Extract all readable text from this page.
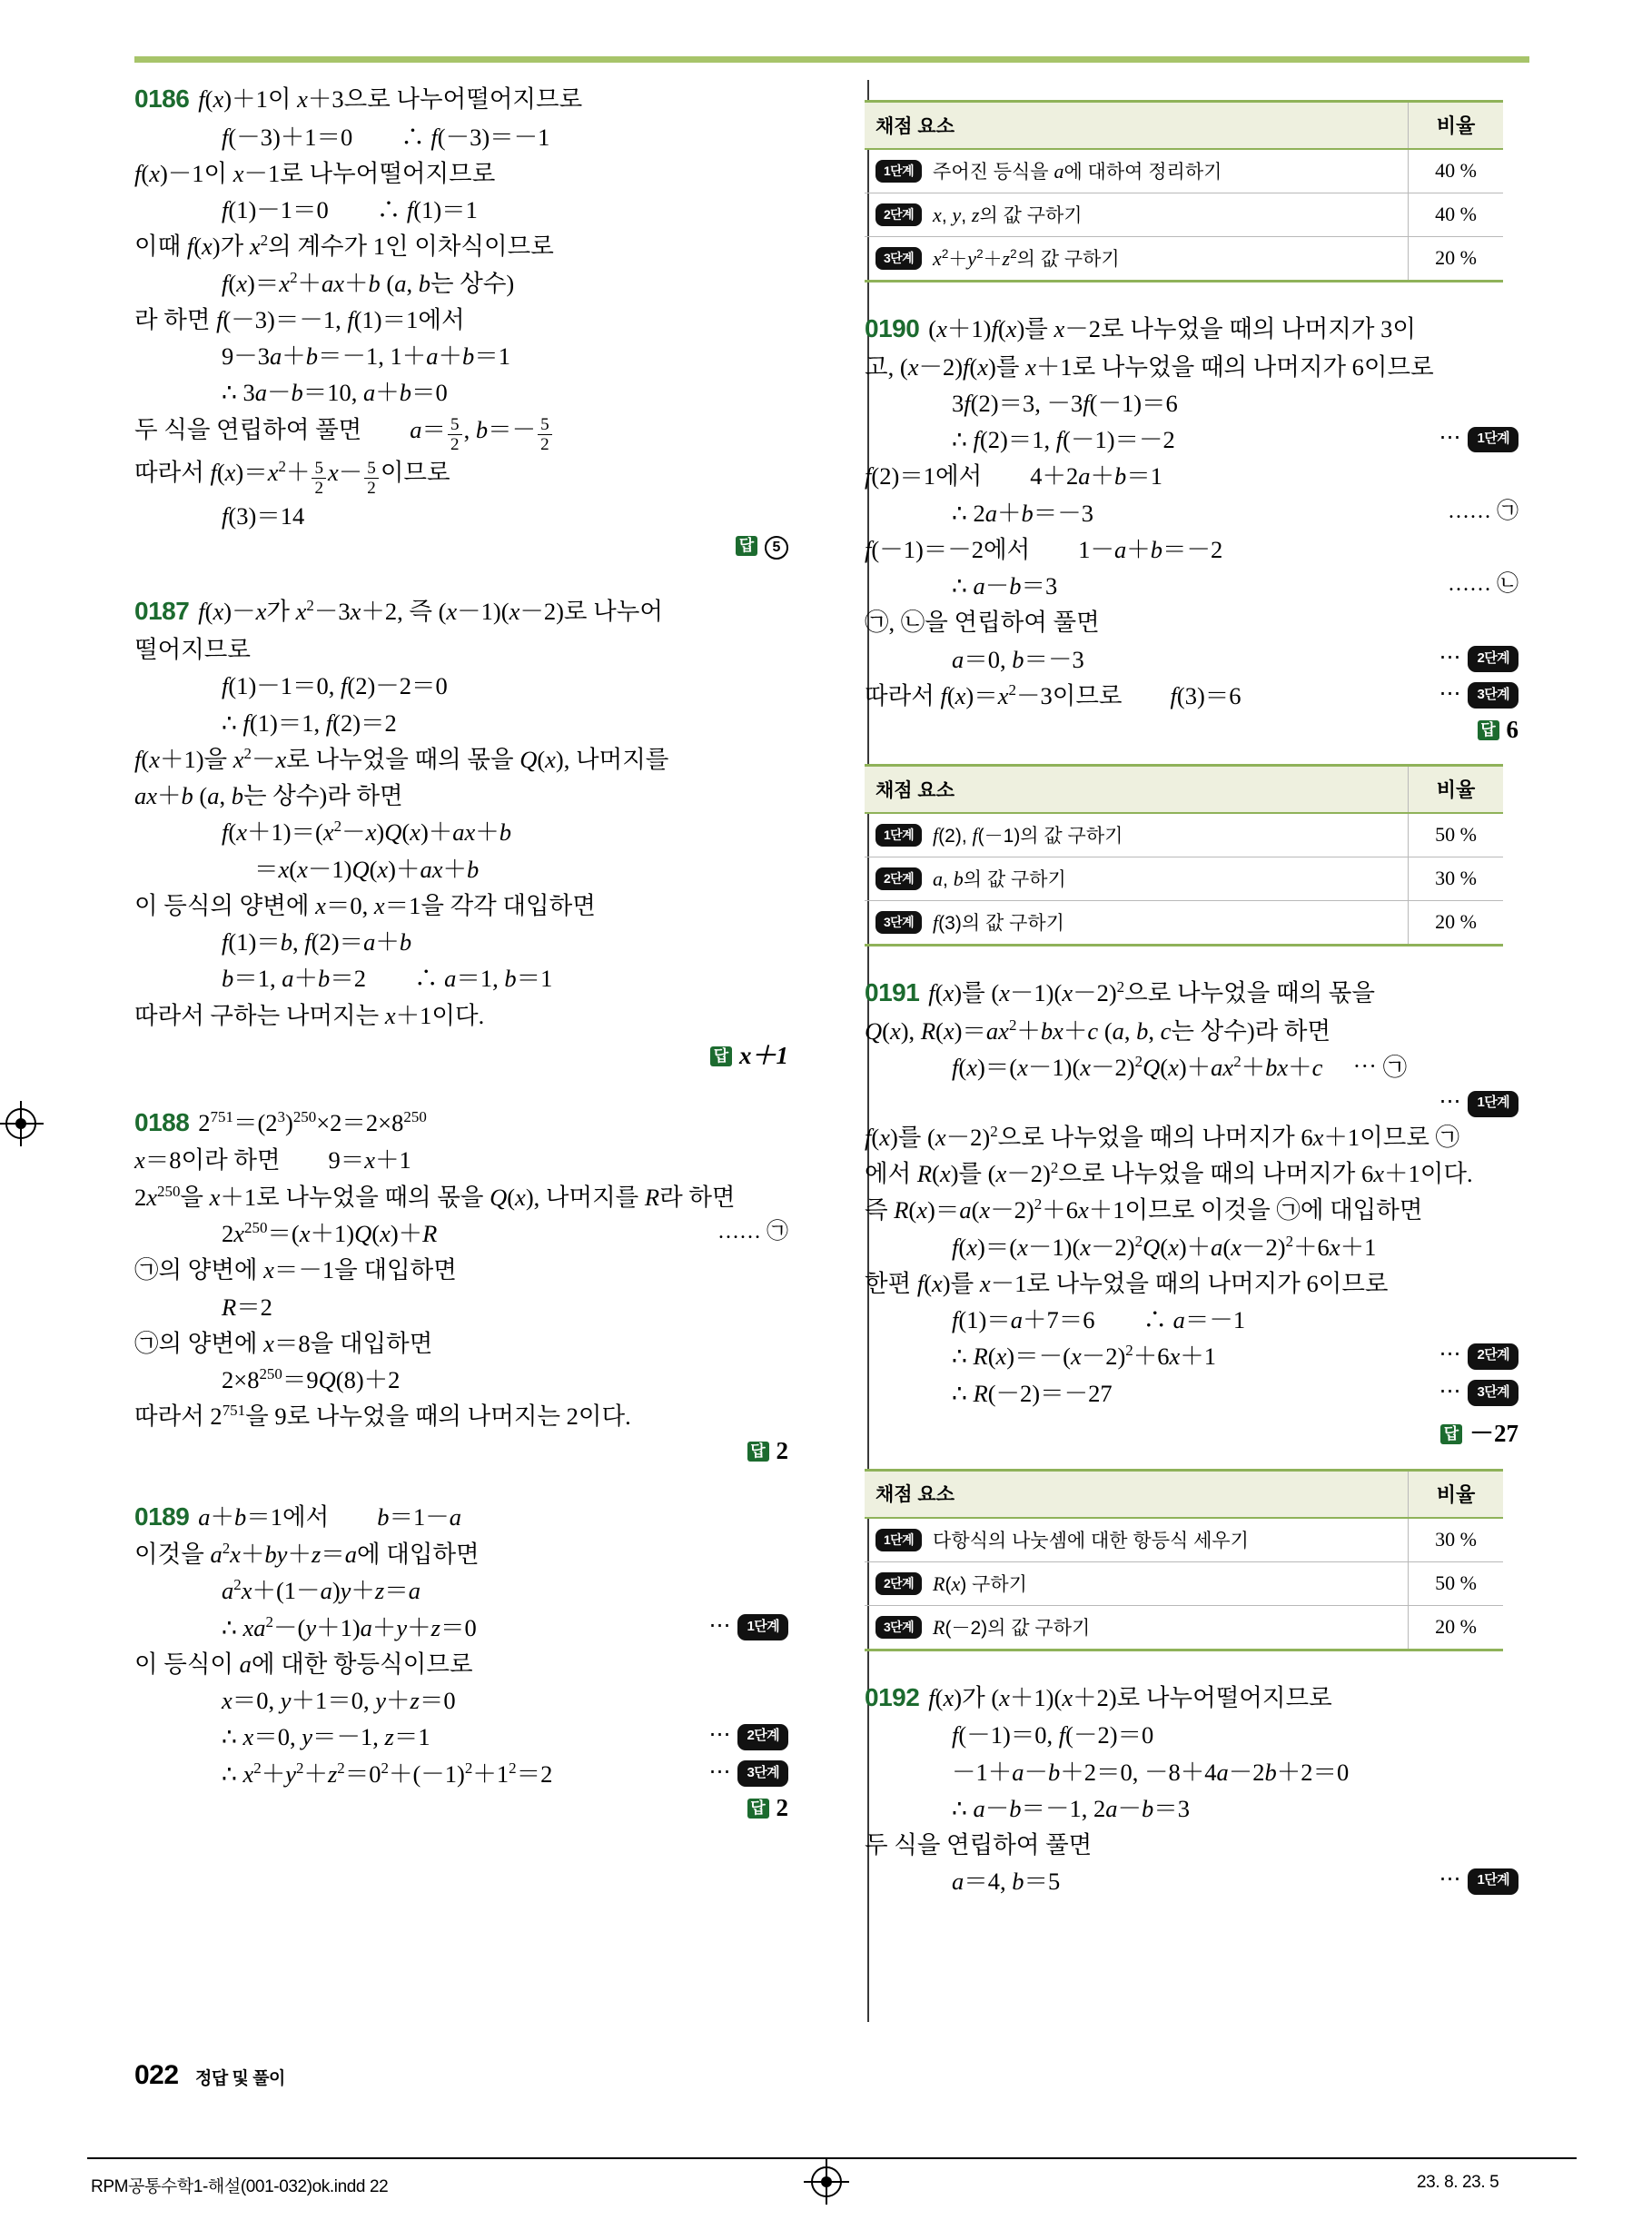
0186 f(x)＋1이 x＋3으로 나누어떨어지므로
f(－3)＋1＝0　　∴ f(－3)＝－1
f(x)－1이 x－1로 나누어떨어지므로
f(1)－1＝0　　∴ f(1)＝1
이때 f(x)가 $x^2$의 계수가 1인 이차식이므로
$f(x)=x^2+ax+b$ (a, b는 상수)
라 하면 f(－3)＝－1, f(1)＝1에서
9－3a＋b＝－1, 1＋a＋b＝1
∴ 3a－b＝10, a＋b＝0
두 식을 연립하여 풀면　　$a= \frac{5}{2}$ , $b=- \frac{5}{2}$
따라서 $f(x)=x^2+ \frac{5}{2} x- \frac{5}{2}$ 이므로
f(3)＝14
답 5
0187 f(x)－x가 $x^2-3x+2$, 즉 (x－1)(x－2)로 나누어
떨어지므로
f(1)－1＝0, f(2)－2＝0
∴ f(1)＝1, f(2)＝2
f(x＋1)을 $x^2-x$로 나누었을 때의 몫을 Q(x), 나머지를
ax＋b (a, b는 상수)라 하면
$f(x+1)=(x^2-x)Q(x)+ax+b$
＝x(x－1)Q(x)＋ax＋b
이 등식의 양변에 x＝0, x＝1을 각각 대입하면
f(1)＝b, f(2)＝a＋b
b＝1, a＋b＝2　　∴ a＝1, b＝1
따라서 구하는 나머지는 x＋1이다.
답 x＋1
0188 $2^{751}=(2^3)^{250}\times 2=2\times 8^{250}$
x＝8이라 하면　　9＝x＋1
$2x^{250}$을 x＋1로 나누었을 때의 몫을 Q(x), 나머지를 R라 하면
…… ㉠
$2x^{250}=(x+1)Q(x)+R$
㉠의 양변에 x＝－1을 대입하면
R＝2
㉠의 양변에 x＝8을 대입하면
$2\times 8^{250}=9Q(8)+2$
따라서 $2^{751}$을 9로 나누었을 때의 나머지는 2이다.
답 2
0189 a＋b＝1에서　　b＝1－a
이것을 $a^2x+by+z=a$에 대입하면
$a^2x+(1-a)y+z=a$
⋯ 1단계
∴ $xa^2-(y+1)a+y+z=0$
이 등식이 a에 대한 항등식이므로
x＝0, y＋1＝0, y＋z＝0
⋯ 2단계
∴ x＝0, y＝－1, z＝1
⋯ 3단계
∴ $x^2+y^2+z^2=0^2+(-1)^2+1^2=2$
답 2
채점 요소	비율
1단계 주어진 등식을 a에 대하여 정리하기	40 %
2단계 x, y, z의 값 구하기	40 %
3단계 $x^2+y^2+z^2$의 값 구하기	20 %
0190 (x＋1)f(x)를 x－2로 나누었을 때의 나머지가 3이
고, (x－2)f(x)를 x＋1로 나누었을 때의 나머지가 6이므로
3f(2)＝3, －3f(－1)＝6
⋯ 1단계
∴ f(2)＝1, f(－1)＝－2
f(2)＝1에서　　4＋2a＋b＝1
…… ㉠
∴ 2a＋b＝－3
f(－1)＝－2에서　　1－a＋b＝－2
…… ㉡
∴ a－b＝3
㉠, ㉡을 연립하여 풀면
⋯ 2단계
a＝0, b＝－3
⋯ 3단계
따라서 $f(x)=x^2-3$이므로　　f(3)＝6
답 6
채점 요소	비율
1단계 f(2), f(－1)의 값 구하기	50 %
2단계 a, b의 값 구하기	30 %
3단계 f(3)의 값 구하기	20 %
0191 f(x)를 $(x-1)(x-2)^2$으로 나누었을 때의 몫을
Q(x), $R(x)=ax^2+bx+c$ (a, b, c는 상수)라 하면
$f(x)=(x-1)(x-2)^2Q(x)+ax^2+bx+c$　 ⋯ ㉠
⋯ 1단계
f(x)를 $(x-2)^2$으로 나누었을 때의 나머지가 6x＋1이므로 ㉠
에서 R(x)를 $(x-2)^2$으로 나누었을 때의 나머지가 6x＋1이다.
즉 $R(x)=a(x-2)^2+6x+1$이므로 이것을 ㉠에 대입하면
$f(x)=(x-1)(x-2)^2Q(x)+a(x-2)^2+6x+1$
한편 f(x)를 x－1로 나누었을 때의 나머지가 6이므로
f(1)＝a＋7＝6　　∴ a＝－1
⋯ 2단계
∴ $R(x)=-(x-2)^2+6x+1$
⋯ 3단계
∴ R(－2)＝－27
답 －27
채점 요소	비율
1단계 다항식의 나눗셈에 대한 항등식 세우기	30 %
2단계 R(x) 구하기	50 %
3단계 R(－2)의 값 구하기	20 %
0192 f(x)가 (x＋1)(x＋2)로 나누어떨어지므로
f(－1)＝0, f(－2)＝0
－1＋a－b＋2＝0, －8＋4a－2b＋2＝0
∴ a－b＝－1, 2a－b＝3
두 식을 연립하여 풀면
⋯ 1단계
a＝4, b＝5
022 정답 및 풀이
RPM공통수학1-해설(001-032)ok.indd 22	23. 8. 23. 5
